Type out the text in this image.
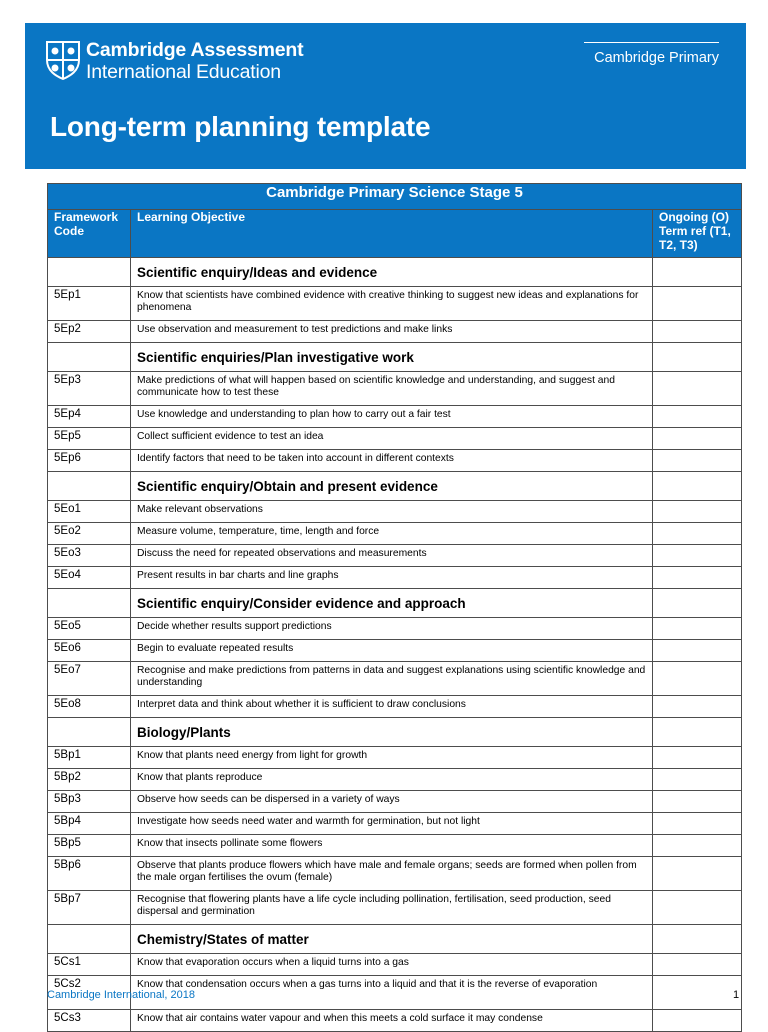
Cambridge Assessment
International Education
Cambridge Primary
Long-term planning template
Cambridge Primary Science Stage 5		
Framework Code	Learning Objective	Ongoing (O) Term ref (T1, T2, T3)
	Scientific enquiry/Ideas and evidence	
5Ep1	Know that scientists have combined evidence with creative thinking to suggest new ideas and explanations for phenomena	
5Ep2	Use observation and measurement to test predictions and make links	
	Scientific enquiries/Plan investigative work	
5Ep3	Make predictions of what will happen based on scientific knowledge and understanding, and suggest and communicate how to test these	
5Ep4	Use knowledge and understanding to plan how to carry out a fair test	
5Ep5	Collect sufficient evidence to test an idea	
5Ep6	Identify factors that need to be taken into account in different contexts	
	Scientific enquiry/Obtain and present evidence	
5Eo1	Make relevant observations	
5Eo2	Measure volume, temperature, time, length and force	
5Eo3	Discuss the need for repeated observations and measurements	
5Eo4	Present results in bar charts and line graphs	
	Scientific enquiry/Consider evidence and approach	
5Eo5	Decide whether results support predictions	
5Eo6	Begin to evaluate repeated results	
5Eo7	Recognise and make predictions from patterns in data and suggest explanations using scientific knowledge and understanding	
5Eo8	Interpret data and think about whether it is sufficient to draw conclusions	
	Biology/Plants	
5Bp1	Know that plants need energy from light for growth	
5Bp2	Know that plants reproduce	
5Bp3	Observe how seeds can be dispersed in a variety of ways	
5Bp4	Investigate how seeds need water and warmth for germination, but not light	
5Bp5	Know that insects pollinate some flowers	
5Bp6	Observe that plants produce flowers which have male and female organs; seeds are formed when pollen from the male organ fertilises the ovum (female)	
5Bp7	Recognise that flowering plants have a life cycle including pollination, fertilisation, seed production, seed dispersal and germination	
	Chemistry/States of matter	
5Cs1	Know that evaporation occurs when a liquid turns into a gas	
5Cs2	Know that condensation occurs when a gas turns into a liquid and that it is the reverse of evaporation	
5Cs3	Know that air contains water vapour and when this meets a cold surface it may condense	
Cambridge International, 2018	1
